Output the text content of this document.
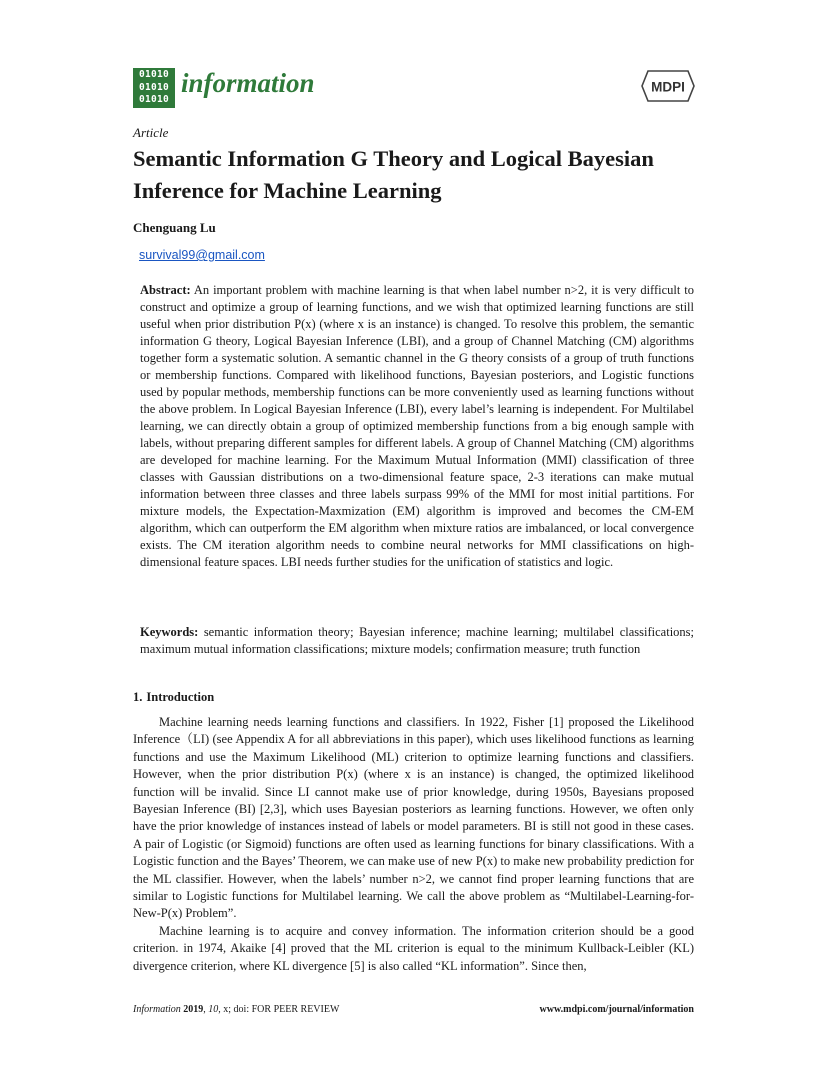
01010
01010
01010
information	MDPI
Article
Semantic Information G Theory and Logical Bayesian Inference for Machine Learning
Chenguang Lu
survival99@gmail.com

Abstract: An important problem with machine learning is that when label number n>2, it is very difficult to construct and optimize a group of learning functions, and we wish that optimized learning functions are still useful when prior distribution P(x) (where x is an instance) is changed. To resolve this problem, the semantic information G theory, Logical Bayesian Inference (LBI), and a group of Channel Matching (CM) algorithms together form a systematic solution. A semantic channel in the G theory consists of a group of truth functions or membership functions. Compared with likelihood functions, Bayesian posteriors, and Logistic functions used by popular methods, membership functions can be more conveniently used as learning functions without the above problem. In Logical Bayesian Inference (LBI), every label’s learning is independent. For Multilabel learning, we can directly obtain a group of optimized membership functions from a big enough sample with labels, without preparing different samples for different labels. A group of Channel Matching (CM) algorithms are developed for machine learning. For the Maximum Mutual Information (MMI) classification of three classes with Gaussian distributions on a two-dimensional feature space, 2-3 iterations can make mutual information between three classes and three labels surpass 99% of the MMI for most initial partitions. For mixture models, the Expectation-Maxmization (EM) algorithm is improved and becomes the CM-EM algorithm, which can outperform the EM algorithm when mixture ratios are imbalanced, or local convergence exists. The CM iteration algorithm needs to combine neural networks for MMI classifications on high-dimensional feature spaces. LBI needs further studies for the unification of statistics and logic.

Keywords: semantic information theory; Bayesian inference; machine learning; multilabel classifications; maximum mutual information classifications; mixture models; confirmation measure; truth function

1. Introduction

Machine learning needs learning functions and classifiers. In 1922, Fisher [1] proposed the Likelihood Inference（LI) (see Appendix A for all abbreviations in this paper), which uses likelihood functions as learning functions and use the Maximum Likelihood (ML) criterion to optimize learning functions and classifiers. However, when the prior distribution P(x) (where x is an instance) is changed, the optimized likelihood function will be invalid. Since LI cannot make use of prior knowledge, during 1950s, Bayesians proposed Bayesian Inference (BI) [2,3], which uses Bayesian posteriors as learning functions. However, we often only have the prior knowledge of instances instead of labels or model parameters. BI is still not good in these cases. A pair of Logistic (or Sigmoid) functions are often used as learning functions for binary classifications. With a Logistic function and the Bayes’ Theorem, we can make use of new P(x) to make new probability prediction for the ML classifier. However, when the labels’ number n>2, we cannot find proper learning functions that are similar to Logistic functions for Multilabel learning. We call the above problem as “Multilabel-Learning-for-New-P(x) Problem”.

Machine learning is to acquire and convey information. The information criterion should be a good criterion. in 1974, Akaike [4] proved that the ML criterion is equal to the minimum Kullback-Leibler (KL) divergence criterion, where KL divergence [5] is also called “KL information”. Since then,

Information 2019, 10, x; doi: FOR PEER REVIEW	www.mdpi.com/journal/information
